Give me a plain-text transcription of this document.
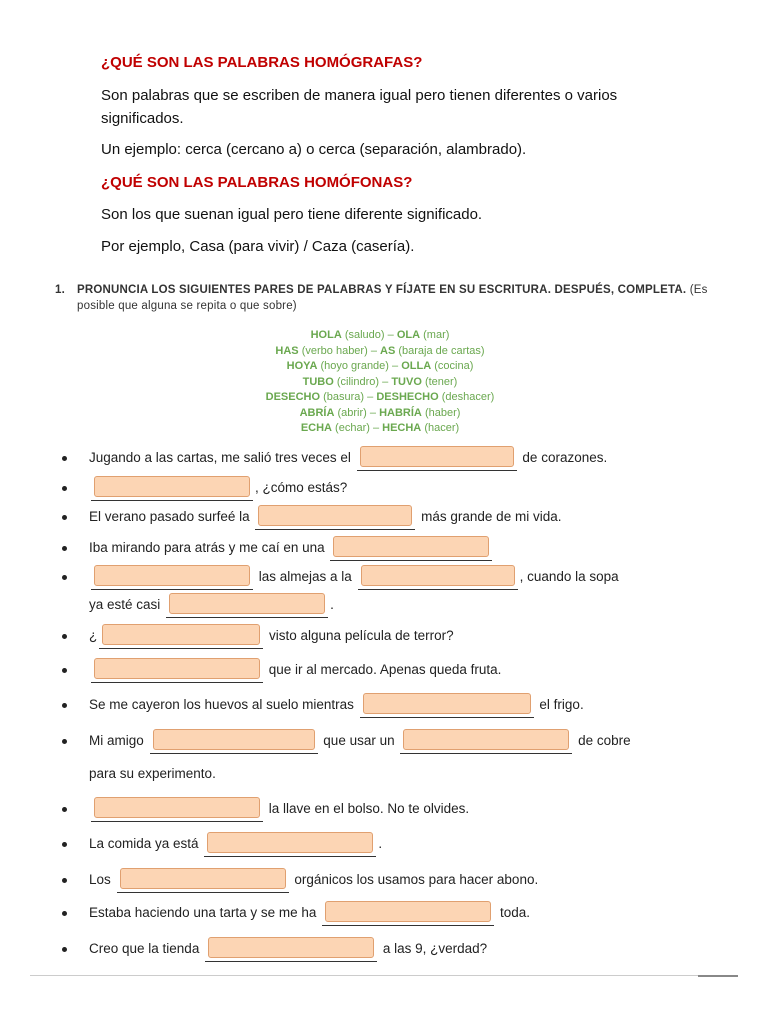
¿QUÉ SON LAS PALABRAS HOMÓGRAFAS?
Son palabras que se escriben de manera igual pero tienen diferentes o varios significados.
Un ejemplo: cerca (cercano a) o cerca (separación, alambrado).
¿QUÉ SON LAS PALABRAS HOMÓFONAS?
Son los que suenan igual pero tiene diferente significado.
Por ejemplo, Casa (para vivir) / Caza (casería).
1. PRONUNCIA LOS SIGUIENTES PARES DE PALABRAS Y FÍJATE EN SU ESCRITURA. DESPUÉS, COMPLETA. (Es posible que alguna se repita o que sobre)
HOLA (saludo) – OLA (mar)
HAS (verbo haber) – AS (baraja de cartas)
HOYA (hoyo grande) – OLLA (cocina)
TUBO (cilindro) – TUVO (tener)
DESECHO (basura) – DESHECHO (deshacer)
ABRÍA (abrir) – HABRÍA (haber)
ECHA (echar) – HECHA (hacer)
Jugando a las cartas, me salió tres veces el	de corazones.
, ¿cómo estás?
El verano pasado surfeé la	más grande de mi vida.
Iba mirando para atrás y me caí en una
las almejas a la	, cuando la sopa
ya esté casi	.
¿	visto alguna película de terror?
que ir al mercado. Apenas queda fruta.
Se me cayeron los huevos al suelo mientras	el frigo.
Mi amigo	que usar un	de cobre
para su experimento.
la llave en el bolso. No te olvides.
La comida ya está	.
Los	orgánicos los usamos para hacer abono.
Estaba haciendo una tarta y se me ha	toda.
Creo que la tienda	a las 9, ¿verdad?
